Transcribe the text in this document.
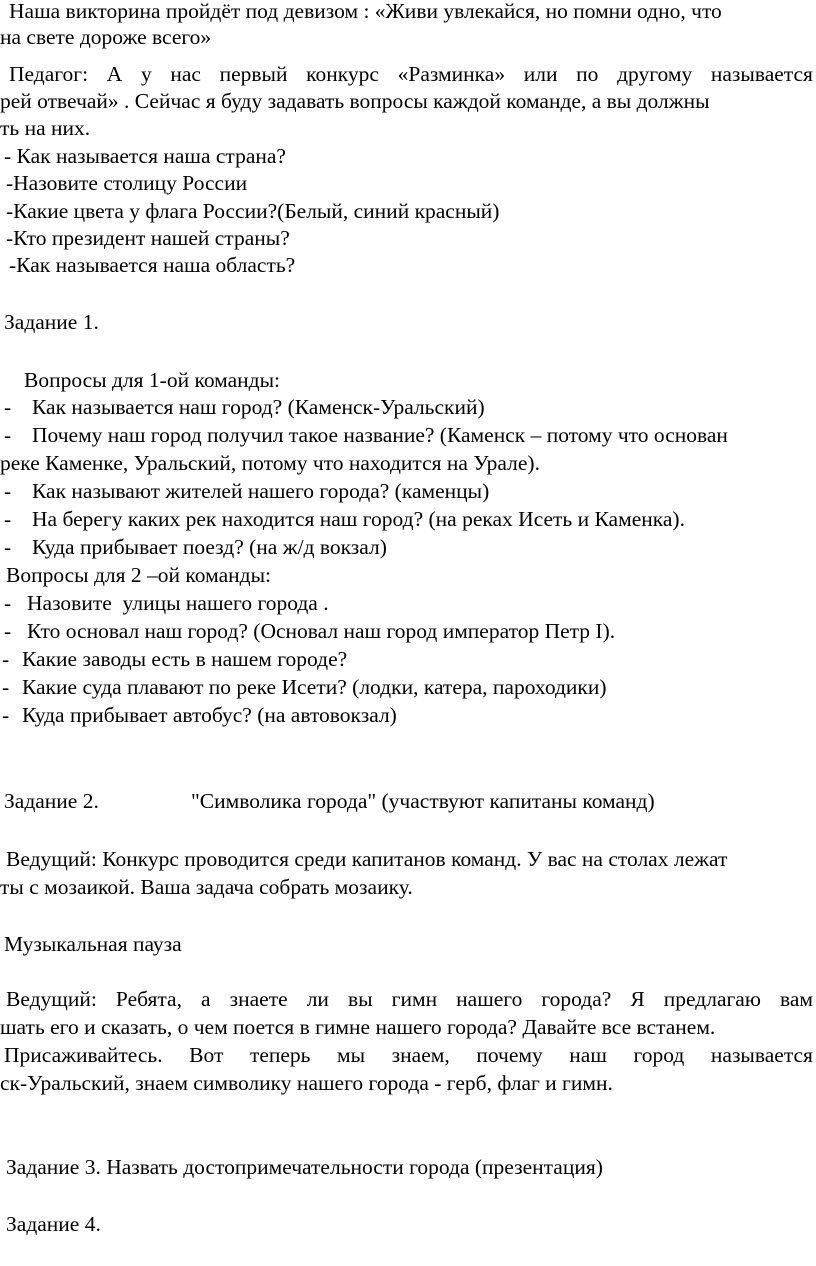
Наша викторина пройдёт под девизом : «Живи увлекайся, но помни одно, что
на свете дороже всего»
Педагог: А у нас первый конкурс «Разминка» или по другому называется
рей отвечай» . Сейчас я буду задавать вопросы каждой команде, а вы должны
ть на них.
- Как называется наша страна?
-Назовите столицу России
-Какие цвета у флага России?(Белый, синий красный)
-Кто президент нашей страны?
-Как называется наша область?
Задание 1.
Вопросы для 1-ой команды:
- Как называется наш город? (Каменск-Уральский)
- Почему наш город получил такое название? (Каменск – потому что основан
реке Каменке, Уральский, потому что находится на Урале).
- Как называют жителей нашего города? (каменцы)
- На берегу каких рек находится наш город? (на реках Исеть и Каменка).
- Куда прибывает поезд? (на ж/д вокзал)
Вопросы для 2 –ой команды:
- Назовите  улицы нашего города .
- Кто основал наш город? (Основал наш город император Петр I).
- Какие заводы есть в нашем городе?
- Какие суда плавают по реке Исети? (лодки, катера, пароходики)
- Куда прибывает автобус? (на автовокзал)
Задание 2.	"Символика города" (участвуют капитаны команд)
Ведущий: Конкурс проводится среди капитанов команд. У вас на столах лежат
ты с мозаикой. Ваша задача собрать мозаику.
Музыкальная пауза
Ведущий: Ребята, а знаете ли вы гимн нашего города? Я предлагаю вам
шать его и сказать, о чем поется в гимне нашего города? Давайте все встанем.
Присаживайтесь. Вот теперь мы знаем, почему наш город называется
ск-Уральский, знаем символику нашего города - герб, флаг и гимн.
Задание 3. Назвать достопримечательности города (презентация)
Задание 4.
